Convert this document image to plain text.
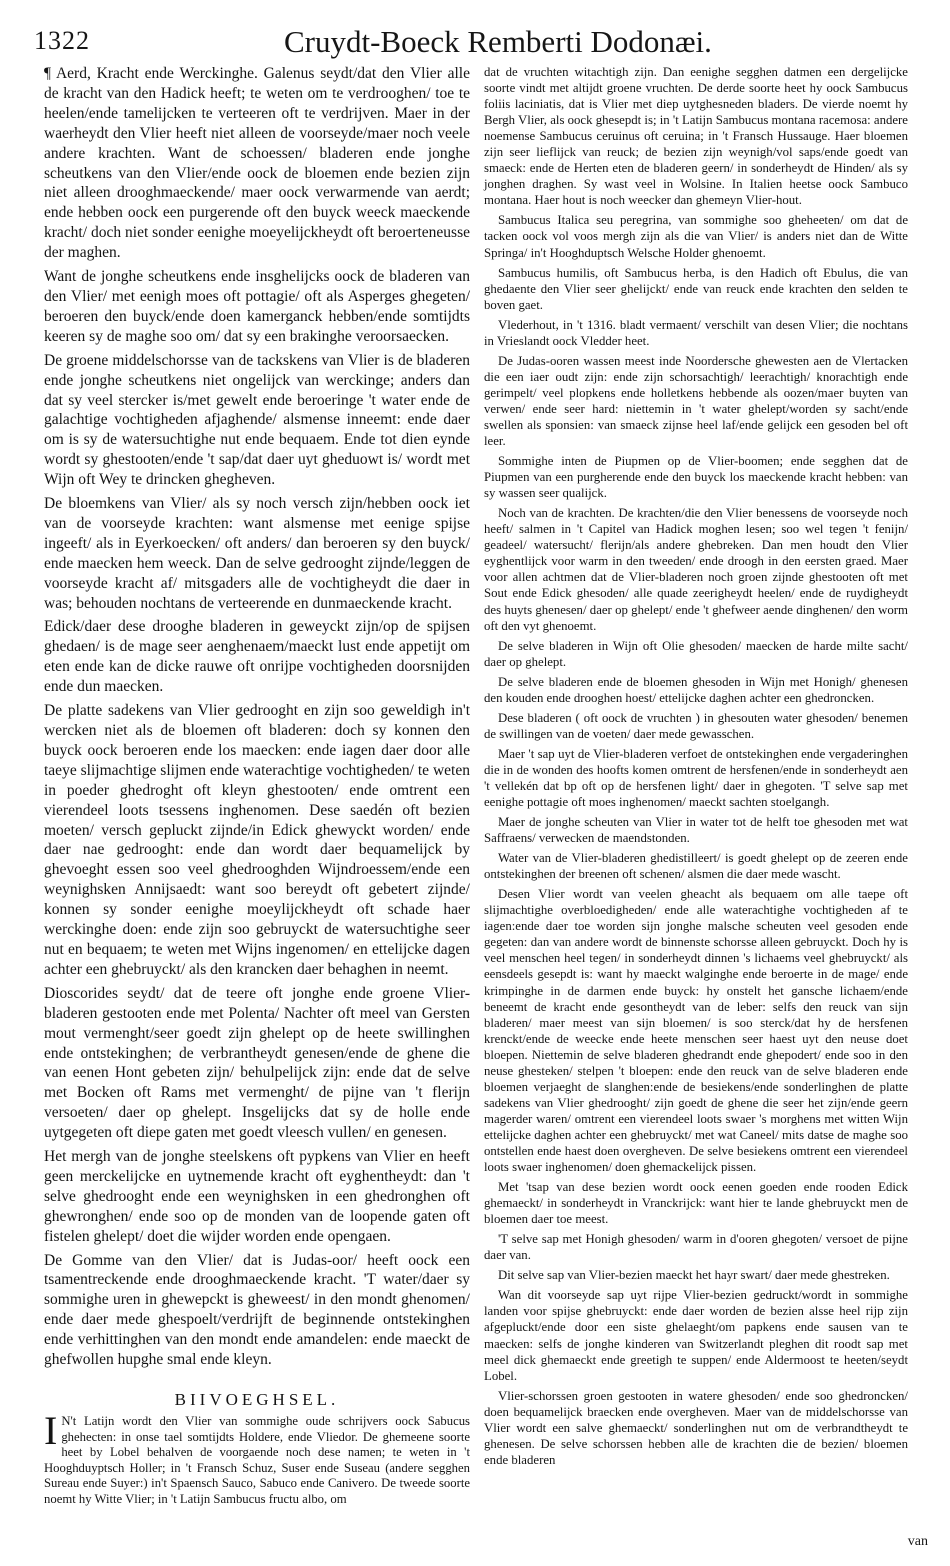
1322	Cruydt-Boeck Remberti Dodonæi.

¶ Aerd, Kracht ende Werckinghe. Galenus seydt/dat den Vlier alle de kracht van den Hadick heeft; te weten om te verdrooghen/ toe te heelen/ende tamelijcken te verteeren oft te verdrijven. Maer in der waerheydt den Vlier heeft niet alleen de voorseyde/maer noch veele andere krachten. Want de schoessen/ bladeren ende jonghe scheutkens van den Vlier/ende oock de bloemen ende bezien zijn niet alleen drooghmaeckende/ maer oock verwarmende van aerdt; ende hebben oock een purgerende oft den buyck weeck maeckende kracht/ doch niet sonder eenighe moeyelijckheydt oft beroerteneusse der maghen.

Want de jonghe scheutkens ende insghelijcks oock de bladeren van den Vlier/ met eenigh moes oft pottagie/ oft als Asperges ghegeten/ beroeren den buyck/ende doen kamerganck hebben/ende somtijdts keeren sy de maghe soo om/ dat sy een brakinghe veroorsaecken.

De groene middelschorsse van de tackskens van Vlier is de bladeren ende jonghe scheutkens niet ongelijck van werckinge; anders dan dat sy veel stercker is/met gewelt ende beroeringe 't water ende de galachtige vochtigheden afjaghende/ alsmense inneemt: ende daer om is sy de watersuchtighe nut ende bequaem. Ende tot dien eynde wordt sy ghestooten/ende 't sap/dat daer uyt gheduowt is/ wordt met Wijn oft Wey te drincken ghegheven.

De bloemkens van Vlier/ als sy noch versch zijn/hebben oock iet van de voorseyde krachten: want alsmense met eenige spijse ingeeft/ als in Eyerkoecken/ oft anders/ dan beroeren sy den buyck/ ende maecken hem weeck. Dan de selve gedrooght zijnde/leggen de voorseyde kracht af/ mitsgaders alle de vochtigheydt die daer in was; behouden nochtans de verteerende en dunmaeckende kracht.

Edick/daer dese drooghe bladeren in geweyckt zijn/op de spijsen ghedaen/ is de mage seer aenghenaem/maeckt lust ende appetijt om eten ende kan de dicke rauwe oft onrijpe vochtigheden doorsnijden ende dun maecken.

De platte sadekens van Vlier gedrooght en zijn soo geweldigh in't wercken niet als de bloemen oft bladeren: doch sy konnen den buyck oock beroeren ende los maecken: ende iagen daer door alle taeye slijmachtige slijmen ende waterachtige vochtigheden/ te weten in poeder ghedroght oft kleyn ghestooten/ ende omtrent een vierendeel loots tsessens inghenomen. Dese saedén oft bezien moeten/ versch gepluckt zijnde/in Edick ghewyckt worden/ ende daer nae gedrooght: ende dan wordt daer bequamelijck by ghevoeght essen soo veel ghedrooghden Wijndroessem/ende een weynighsken Annijsaedt: want soo bereydt oft gebetert zijnde/ konnen sy sonder eenighe moeylijckheydt oft schade haer werckinghe doen: ende zijn soo gebruyckt de watersuchtighe seer nut en bequaem; te weten met Wijns ingenomen/ en ettelijcke dagen achter een ghebruyckt/ als den krancken daer behaghen in neemt.

Dioscorides seydt/ dat de teere oft jonghe ende groene Vlier-bladeren gestooten ende met Polenta/ Nachter oft meel van Gersten mout vermenght/seer goedt zijn ghelept op de heete swillinghen ende ontstekinghen; de verbrantheydt genesen/ende de ghene die van eenen Hont gebeten zijn/ behulpelijck zijn: ende dat de selve met Bocken oft Rams met vermenght/ de pijne van 't flerijn versoeten/ daer op ghelept. Insgelijcks dat sy de holle ende uytgegeten oft diepe gaten met goedt vleesch vullen/ en genesen.

Het mergh van de jonghe steelskens oft pypkens van Vlier en heeft geen merckelijcke en uytnemende kracht oft eyghentheydt: dan 't selve ghedrooght ende een weynighsken in een ghedronghen oft ghewronghen/ ende soo op de monden van de loopende gaten oft fistelen ghelept/ doet die wijder worden ende opengaen.

De Gomme van den Vlier/ dat is Judas-oor/ heeft oock een tsamentreckende ende drooghmaeckende kracht. 'T water/daer sy sommighe uren in ghewepckt is gheweest/ in den mondt ghenomen/ ende daer mede ghespoelt/verdrijft de beginnende ontstekinghen ende verhittinghen van den mondt ende amandelen: ende maeckt de ghefwollen hupghe smal ende kleyn.

BIIVOEGHSEL.

I N't Latijn wordt den Vlier van sommighe oude schrijvers oock Sabucus ghehecten: in onse tael somtijdts Holdere, ende Vliedor. De ghemeene soorte heet by Lobel behalven de voorgaende noch dese namen; te weten in 't Hooghduyptsch Holler; in 't Fransch Schuz, Suser ende Suseau (andere segghen Sureau ende Suyer:) in't Spaensch Sauco, Sabuco ende Canivero. De tweede soorte noemt hy Witte Vlier; in 't Latijn Sambucus fructu albo, om

dat de vruchten witachtigh zijn. Dan eenighe segghen datmen een dergelijcke soorte vindt met altijdt groene vruchten. De derde soorte heet hy oock Sambucus foliis laciniatis, dat is Vlier met diep uytghesneden bladers. De vierde noemt hy Bergh Vlier, als oock ghesepdt is; in 't Latijn Sambucus montana racemosa: andere noemense Sambucus ceruinus oft ceruina; in 't Fransch Hussauge. Haer bloemen zijn seer lieflijck van reuck; de bezien zijn weynigh/vol saps/ende goedt van smaeck: ende de Herten eten de bladeren geern/ in sonderheydt de Hinden/ als sy jonghen draghen. Sy wast veel in Wolsine. In Italien heetse oock Sambuco montana. Haer hout is noch weecker dan ghemeyn Vlier-hout.

Sambucus Italica seu peregrina, van sommighe soo gheheeten/ om dat de tacken oock vol voos mergh zijn als die van Vlier/ is anders niet dan de Witte Springa/ in't Hooghduptsch Welsche Holder ghenoemt.

Sambucus humilis, oft Sambucus herba, is den Hadich oft Ebulus, die van ghedaente den Vlier seer ghelijckt/ ende van reuck ende krachten den selden te boven gaet.

Vlederhout, in 't 1316. bladt vermaent/ verschilt van desen Vlier; die nochtans in Vrieslandt oock Vledder heet.

De Judas-ooren wassen meest inde Noordersche ghewesten aen de Vlertacken die een iaer oudt zijn: ende zijn schorsachtigh/ leerachtigh/ knorachtigh ende gerimpelt/ veel plopkens ende holletkens hebbende als oozen/maer buyten van verwen/ ende seer hard: niettemin in 't water ghelept/worden sy sacht/ende swellen als sponsien: van smaeck zijnse heel laf/ende gelijck een gesoden bel oft leer.

Sommighe inten de Piupmen op de Vlier-boomen; ende segghen dat de Piupmen van een purgherende ende den buyck los maeckende kracht hebben: van sy wassen seer qualijck.

Noch van de krachten. De krachten/die den Vlier benessens de voorseyde noch heeft/ salmen in 't Capitel van Hadick moghen lesen; soo wel tegen 't fenijn/ geadeel/ watersucht/ flerijn/als andere ghebreken. Dan men houdt den Vlier eyghentlijck voor warm in den tweeden/ ende droogh in den eersten graed. Maer voor allen achtmen dat de Vlier-bladeren noch groen zijnde ghestooten oft met Sout ende Edick ghesoden/ alle quade zeerigheydt heelen/ ende de ruydigheydt des huyts ghenesen/ daer op ghelept/ ende 't ghefweer aende dinghenen/ den worm oft den vyt ghenoemt.

De selve bladeren in Wijn oft Olie ghesoden/ maecken de harde milte sacht/ daer op ghelept.

De selve bladeren ende de bloemen ghesoden in Wijn met Honigh/ ghenesen den kouden ende drooghen hoest/ ettelijcke daghen achter een ghedroncken.

Dese bladeren ( oft oock de vruchten ) in ghesouten water ghesoden/ benemen de swillingen van de voeten/ daer mede gewasschen.

Maer 't sap uyt de Vlier-bladeren verfoet de ontstekinghen ende vergaderinghen die in de wonden des hoofts komen omtrent de hersfenen/ende in sonderheydt aen 't vellekén dat bp oft op de hersfenen light/ daer in ghegoten. 'T selve sap met eenighe pottagie oft moes inghenomen/ maeckt sachten stoelgangh.

Maer de jonghe scheuten van Vlier in water tot de helft toe ghesoden met wat Saffraens/ verwecken de maendstonden.

Water van de Vlier-bladeren ghedistilleert/ is goedt ghelept op de zeeren ende ontstekinghen der breenen oft schenen/ alsmen die daer mede wascht.

Desen Vlier wordt van veelen gheacht als bequaem om alle taepe oft slijmachtighe overbloedigheden/ ende alle waterachtighe vochtigheden af te iagen:ende daer toe worden sijn jonghe malsche scheuten veel gesoden ende gegeten: dan van andere wordt de binnenste schorsse alleen gebruyckt. Doch hy is veel menschen heel tegen/ in sonderheydt dinnen 's lichaems veel ghebruyckt/ als eensdeels gesepdt is: want hy maeckt walginghe ende beroerte in de mage/ ende krimpinghe in de darmen ende buyck: hy onstelt het gansche lichaem/ende beneemt de kracht ende gesontheydt van de leber: selfs den reuck van sijn bladeren/ maer meest van sijn bloemen/ is soo sterck/dat hy de hersfenen krenckt/ende de weecke ende heete menschen seer haest uyt den neuse doet bloepen. Niettemin de selve bladeren ghedrandt ende ghepodert/ ende soo in den neuse ghesteken/ stelpen 't bloepen: ende den reuck van de selve bladeren ende bloemen verjaeght de slanghen:ende de besiekens/ende sonderlinghen de platte sadekens van Vlier ghedrooght/ zijn goedt de ghene die seer het zijn/ende geern magerder waren/ omtrent een vierendeel loots swaer 's morghens met witten Wijn ettelijcke daghen achter een ghebruyckt/ met wat Caneel/ mits datse de maghe soo ontstellen ende haest doen overgheven. De selve besiekens omtrent een vierendeel loots swaer inghenomen/ doen ghemackelijck pissen.

Met 'tsap van dese bezien wordt oock eenen goeden ende rooden Edick ghemaeckt/ in sonderheydt in Vranckrijck: want hier te lande ghebruyckt men de bloemen daer toe meest.

'T selve sap met Honigh ghesoden/ warm in d'ooren ghegoten/ versoet de pijne daer van.

Dit selve sap van Vlier-bezien maeckt het hayr swart/ daer mede ghestreken.

Wan dit voorseyde sap uyt rijpe Vlier-bezien gedruckt/wordt in sommighe landen voor spijse ghebruyckt: ende daer worden de bezien alsse heel rijp zijn afgepluckt/ende door een siste ghelaeght/om papkens ende sausen van te maecken: selfs de jonghe kinderen van Switzerlandt pleghen dit roodt sap met meel dick ghemaeckt ende greetigh te suppen/ ende Aldermoost te heeten/seydt Lobel.

Vlier-schorssen groen gestooten in watere ghesoden/ ende soo ghedroncken/ doen bequamelijck braecken ende overgheven. Maer van de middelschorsse van Vlier wordt een salve ghemaeckt/ sonderlinghen nut om de verbrandtheydt te ghenesen. De selve schorssen hebben alle de krachten die de bezien/ bloemen ende bladeren

van
